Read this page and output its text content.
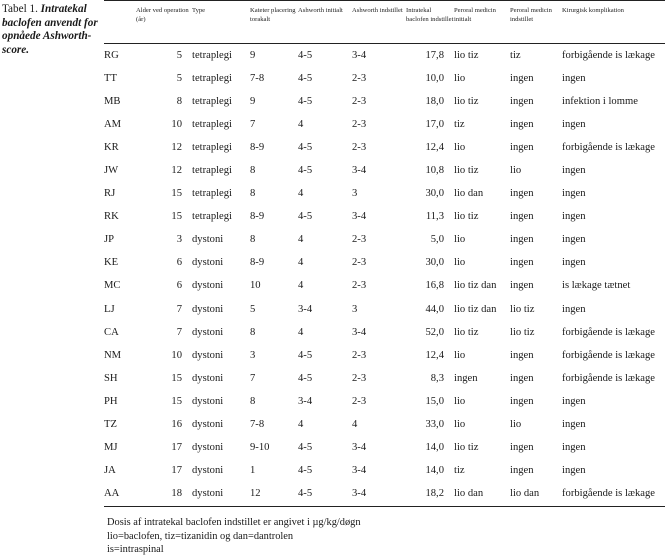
Tabel 1. Intratekal baclofen anvendt for opnåede Ashworth-score.
	Alder ved operation (år)	Type	Kateter placering torakalt	Ashworth initialt	Ashworth indstillet	Intratekal baclofen indstillet	Peroral medicin initialt	Peroral medicin indstillet	Kirurgisk komplikation
RG	5	tetraplegi	9	4-5	3-4	17,8	lio tiz	tiz	forbigående is lækage
TT	5	tetraplegi	7-8	4-5	2-3	10,0	lio	ingen	ingen
MB	8	tetraplegi	9	4-5	2-3	18,0	lio tiz	ingen	infektion i lomme
AM	10	tetraplegi	7	4	2-3	17,0	tiz	ingen	ingen
KR	12	tetraplegi	8-9	4-5	2-3	12,4	lio	ingen	forbigående is lækage
JW	12	tetraplegi	8	4-5	3-4	10,8	lio tiz	lio	ingen
RJ	15	tetraplegi	8	4	3	30,0	lio dan	ingen	ingen
RK	15	tetraplegi	8-9	4-5	3-4	11,3	lio tiz	ingen	ingen
JP	3	dystoni	8	4	2-3	5,0	lio	ingen	ingen
KE	6	dystoni	8-9	4	2-3	30,0	lio	ingen	ingen
MC	6	dystoni	10	4	2-3	16,8	lio tiz dan	ingen	is lækage tætnet
LJ	7	dystoni	5	3-4	3	44,0	lio tiz dan	lio tiz	ingen
CA	7	dystoni	8	4	3-4	52,0	lio tiz	lio tiz	forbigående is lækage
NM	10	dystoni	3	4-5	2-3	12,4	lio	ingen	forbigående is lækage
SH	15	dystoni	7	4-5	2-3	8,3	ingen	ingen	forbigående is lækage
PH	15	dystoni	8	3-4	2-3	15,0	lio	ingen	ingen
TZ	16	dystoni	7-8	4	4	33,0	lio	lio	ingen
MJ	17	dystoni	9-10	4-5	3-4	14,0	lio tiz	ingen	ingen
JA	17	dystoni	1	4-5	3-4	14,0	tiz	ingen	ingen
AA	18	dystoni	12	4-5	3-4	18,2	lio dan	lio dan	forbigående is lækage
Dosis af intratekal baclofen indstillet er angivet i µg/kg/døgn
lio=baclofen, tiz=tizanidin og dan=dantrolen
is=intraspinal
